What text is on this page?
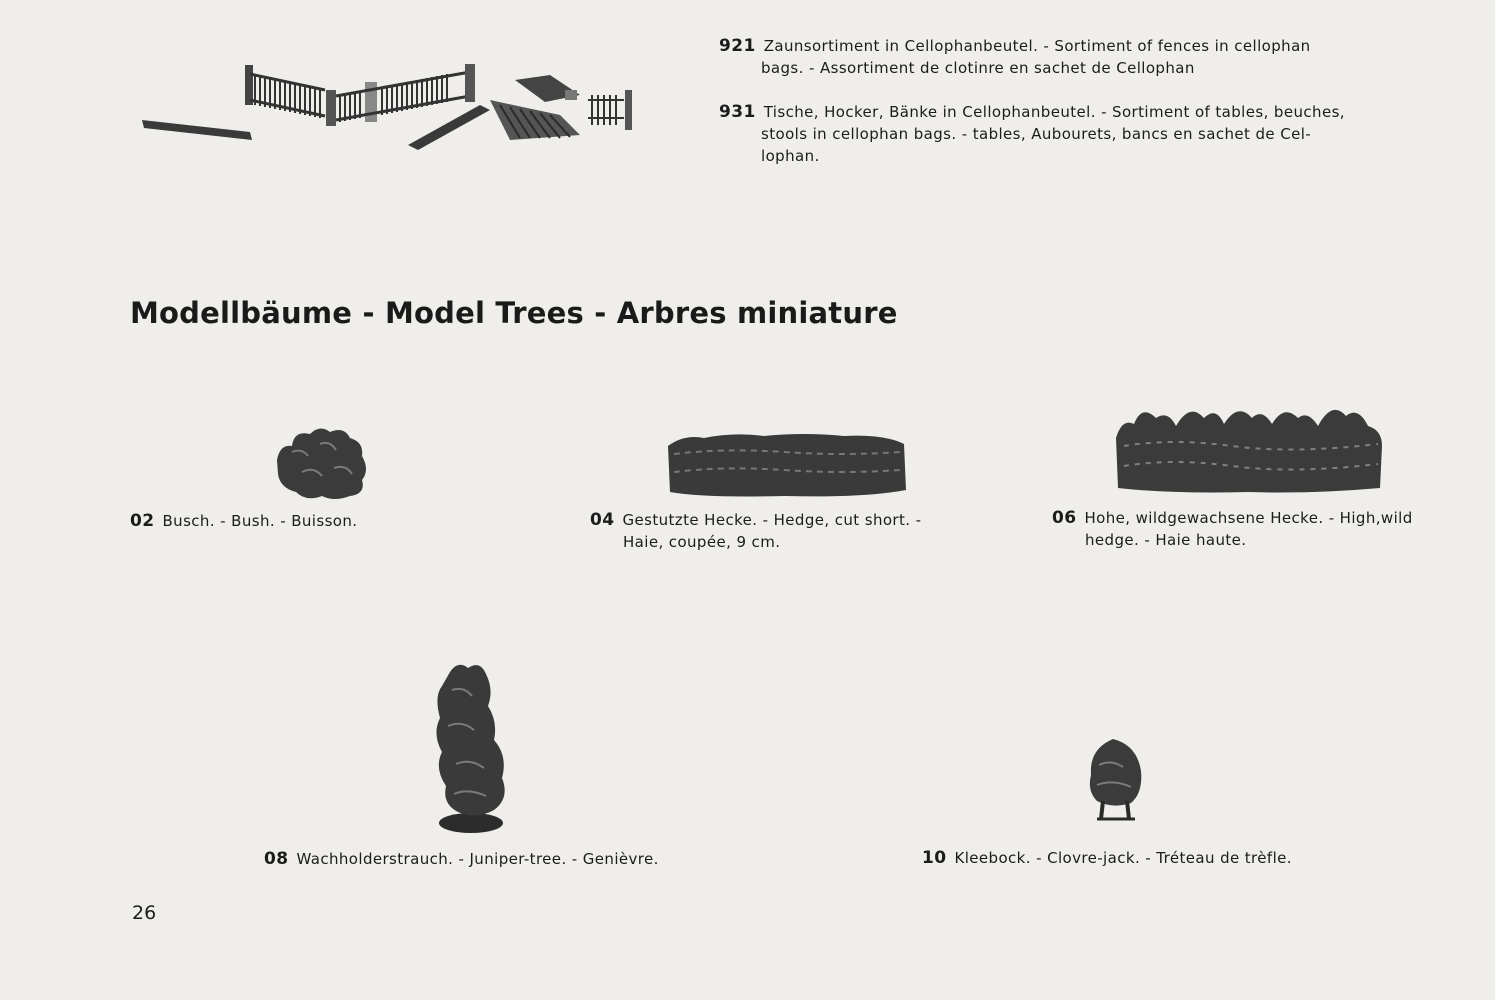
921 Zaunsortiment in Cellophanbeutel. - Sortiment of fences in cellophan
bags. - Assortiment de clotinre en sachet de Cellophan
931 Tische, Hocker, Bänke in Cellophanbeutel. - Sortiment of tables, beuches,
stools in cellophan bags. - tables, Aubourets, bancs en sachet de Cel-
lophan.
Modellbäume - Model Trees - Arbres miniature
02 Busch. - Bush. - Buisson.	04 Gestutzte Hecke. - Hedge, cut short. -
Haie, coupée, 9 cm.
06 Hohe, wildgewachsene Hecke. - High,wild
hedge. - Haie haute.
08 Wachholderstrauch. - Juniper-tree. - Genièvre.	10 Kleebock. - Clovre-jack. - Tréteau de trèfle.
26
